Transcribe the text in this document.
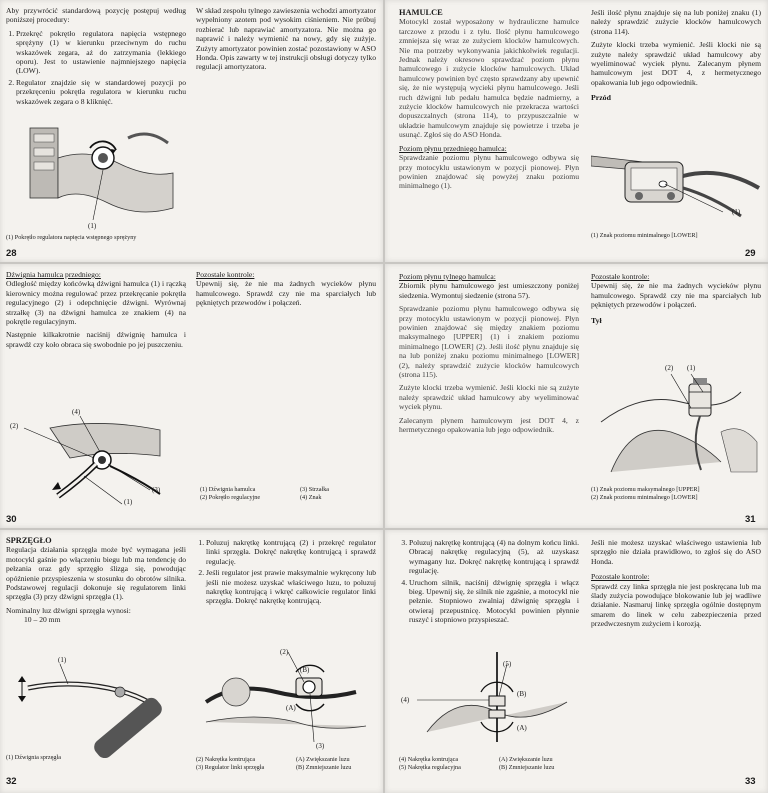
Aby przywrócić standardową pozycję postępuj według poniższej procedury:

1. Przekręć pokrętło regulatora napięcia wstępnego sprężyny (1) w kierunku przeciwnym do ruchu wskazówek zegara, aż do zatrzymania (lekkiego oporu). Jest to ustawienie najmniejszego napięcia (LOW).
2. Regulator znajdzie się w standardowej pozycji po przekręceniu pokrętła regulatora w kierunku ruchu wskazówek zegara o 8 kliknięć.

W skład zespołu tylnego zawieszenia wchodzi amortyzator wypełniony azotem pod wysokim ciśnieniem. Nie próbuj rozbierać lub naprawiać amortyzatora. Nie można go naprawić i należy wymienić na nowy, gdy się zużyje. Zużyty amortyzator powinien zostać pozostawiony w ASO Honda. Opis zawarty w tej instrukcji obsługi dotyczy tylko regulacji amortyzatora.

(1)
(1) Pokrętło regulatora napięcia wstępnego sprężyny
28
HAMULCE

Motocykl został wyposażony w hydrauliczne hamulce tarczowe z przodu i z tyłu. Ilość płynu hamulcowego zmniejsza się wraz ze zużyciem klocków hamulcowych. Nie ma potrzeby wykonywania jakichkolwiek regulacji. Jednak należy okresowo sprawdzać poziom płynu hamulcowego i zużycie klocków hamulcowych. Układ hamulcowy powinien być często sprawdzany aby upewnić się, że nie występują wycieki płynu hamulcowego. Jeśli ruch dźwigni lub pedału hamulca będzie nadmierny, a zużycie klocków hamulcowych nie przekracza wartości dopuszczalnych (strona 114), to przypuszczalnie w układzie hamulcowym znajduje się powietrze i trzeba je usunąć. Zgłoś się do ASO Honda.

Poziom płynu przedniego hamulca:

Sprawdzanie poziomu płynu hamulcowego odbywa się przy motocyklu ustawionym w pozycji pionowej. Płyn powinien znajdować się powyżej znaku poziomu minimalnego (1).

Jeśli ilość płynu znajduje się na lub poniżej znaku (1) należy sprawdzić zużycie klocków hamulcowych (strona 114).

Zużyte klocki trzeba wymienić. Jeśli klocki nie są zużyte należy sprawdzić układ hamulcowy aby wyeliminować wyciek płynu. Zalecanym płynem hamulcowym jest DOT 4, z hermetycznego opakowania lub jego odpowiednik.

Przód

(1)
(1) Znak poziomu minimalnego [LOWER]
29
Dźwignia hamulca przedniego:

Odległość między końcówką dźwigni hamulca (1) i rączką kierownicy można regulować przez przekręcanie pokrętła regulacyjnego (2) i odepchnięcie dźwigni. Wyrównaj strzałkę (3) na dźwigni hamulca ze znakiem (4) na pokrętle regulacyjnym.

Następnie kilkakrotnie naciśnij dźwignię hamulca i sprawdź czy koło obraca się swobodnie po jej puszczeniu.

Pozostałe kontrole:

Upewnij się, że nie ma żadnych wycieków płynu hamulcowego. Sprawdź czy nie ma sparciałych lub pękniętych przewodów i połączeń.

(4)
(2)
(3)
(1)
(1) Dźwignia hamulca	(3) Strzałka
(2) Pokrętło regulacyjne	(4) Znak
30
Poziom płynu tylnego hamulca:

Zbiornik płynu hamulcowego jest umieszczony poniżej siedzenia. Wymontuj siedzenie (strona 57).

Sprawdzanie poziomu płynu hamulcowego odbywa się przy motocyklu ustawionym w pozycji pionowej. Płyn powinien znajdować się między znakiem poziomu maksymalnego [UPPER] (1) i znakiem poziomu minimalnego [LOWER] (2). Jeśli ilość płynu znajduje się na lub poniżej znaku poziomu minimalnego [LOWER] (2), należy sprawdzić zużycie klocków hamulcowych (strona 115).

Zużyte klocki trzeba wymienić. Jeśli klocki nie są zużyte należy sprawdzić układ hamulcowy aby wyeliminować wyciek płynu.

Zalecanym płynem hamulcowym jest DOT 4, z hermetycznego opakowania lub jego odpowiednik.

Pozostałe kontrole:

Upewnij się, że nie ma żadnych wycieków płynu hamulcowego. Sprawdź czy nie ma sparciałych lub pękniętych przewodów i połączeń.

Tył

(2) (1)
(1) Znak poziomu maksymalnego [UPPER]
(2) Znak poziomu minimalnego [LOWER]
31
SPRZĘGŁO

Regulacja działania sprzęgła może być wymagana jeśli motocykl gaśnie po włączeniu biegu lub ma tendencję do pełzania oraz gdy sprzęgło ślizga się, powodując opóźnienie przyspieszenia w stosunku do obrotów silnika. Podstawowej regulacji dokonuje się regulatorem linki sprzęgła (3) przy dźwigni sprzęgła (1).

Nominalny luz dźwigni sprzęgła wynosi:
10 – 20 mm
1. Poluzuj nakrętkę kontrującą (2) i przekręć regulator linki sprzęgła. Dokręć nakrętkę kontrującą i sprawdź regulację.
2. Jeśli regulator jest prawie maksymalnie wykręcony lub jeśli nie możesz uzyskać właściwego luzu, to poluzuj nakrętkę kontrującą i wkręć całkowicie regulator linki sprzęgła. Dokręć nakrętkę kontrującą.
(1)
(1) Dźwignia sprzęgła
(2)
(B)
(A)
(3)
(2) Nakrętka kontrująca	(A) Zwiększanie luzu
(3) Regulator linki sprzęgła	(B) Zmniejszanie luzu
32
3. Poluzuj nakrętkę kontrującą (4) na dolnym końcu linki. Obracaj nakrętkę regulacyjną (5), aż uzyskasz wymagany luz. Dokręć nakrętkę kontrującą i sprawdź regulację.
4. Uruchom silnik, naciśnij dźwignię sprzęgła i włącz bieg. Upewnij się, że silnik nie zgaśnie, a motocykl nie pełznie. Stopniowo zwalniaj dźwignię sprzęgła i otwieraj przepustnicę. Motocykl powinien płynnie ruszyć i stopniowo przyspieszać.

Jeśli nie możesz uzyskać właściwego ustawienia lub sprzęgło nie działa prawidłowo, to zgłoś się do ASO Honda.

Pozostałe kontrole:

Sprawdź czy linka sprzęgła nie jest poskręcana lub ma ślady zużycia powodujące blokowanie lub jej wadliwe działanie. Nasmaruj linkę sprzęgła ogólnie dostępnym smarem do linek w celu zabezpieczenia przed przedwczesnym zużyciem i korozją.

(5)
(4)
(B)
(A)
(4) Nakrętka kontrująca	(A) Zwiększanie luzu
(5) Nakrętka regulacyjna	(B) Zmniejszanie luzu
33
